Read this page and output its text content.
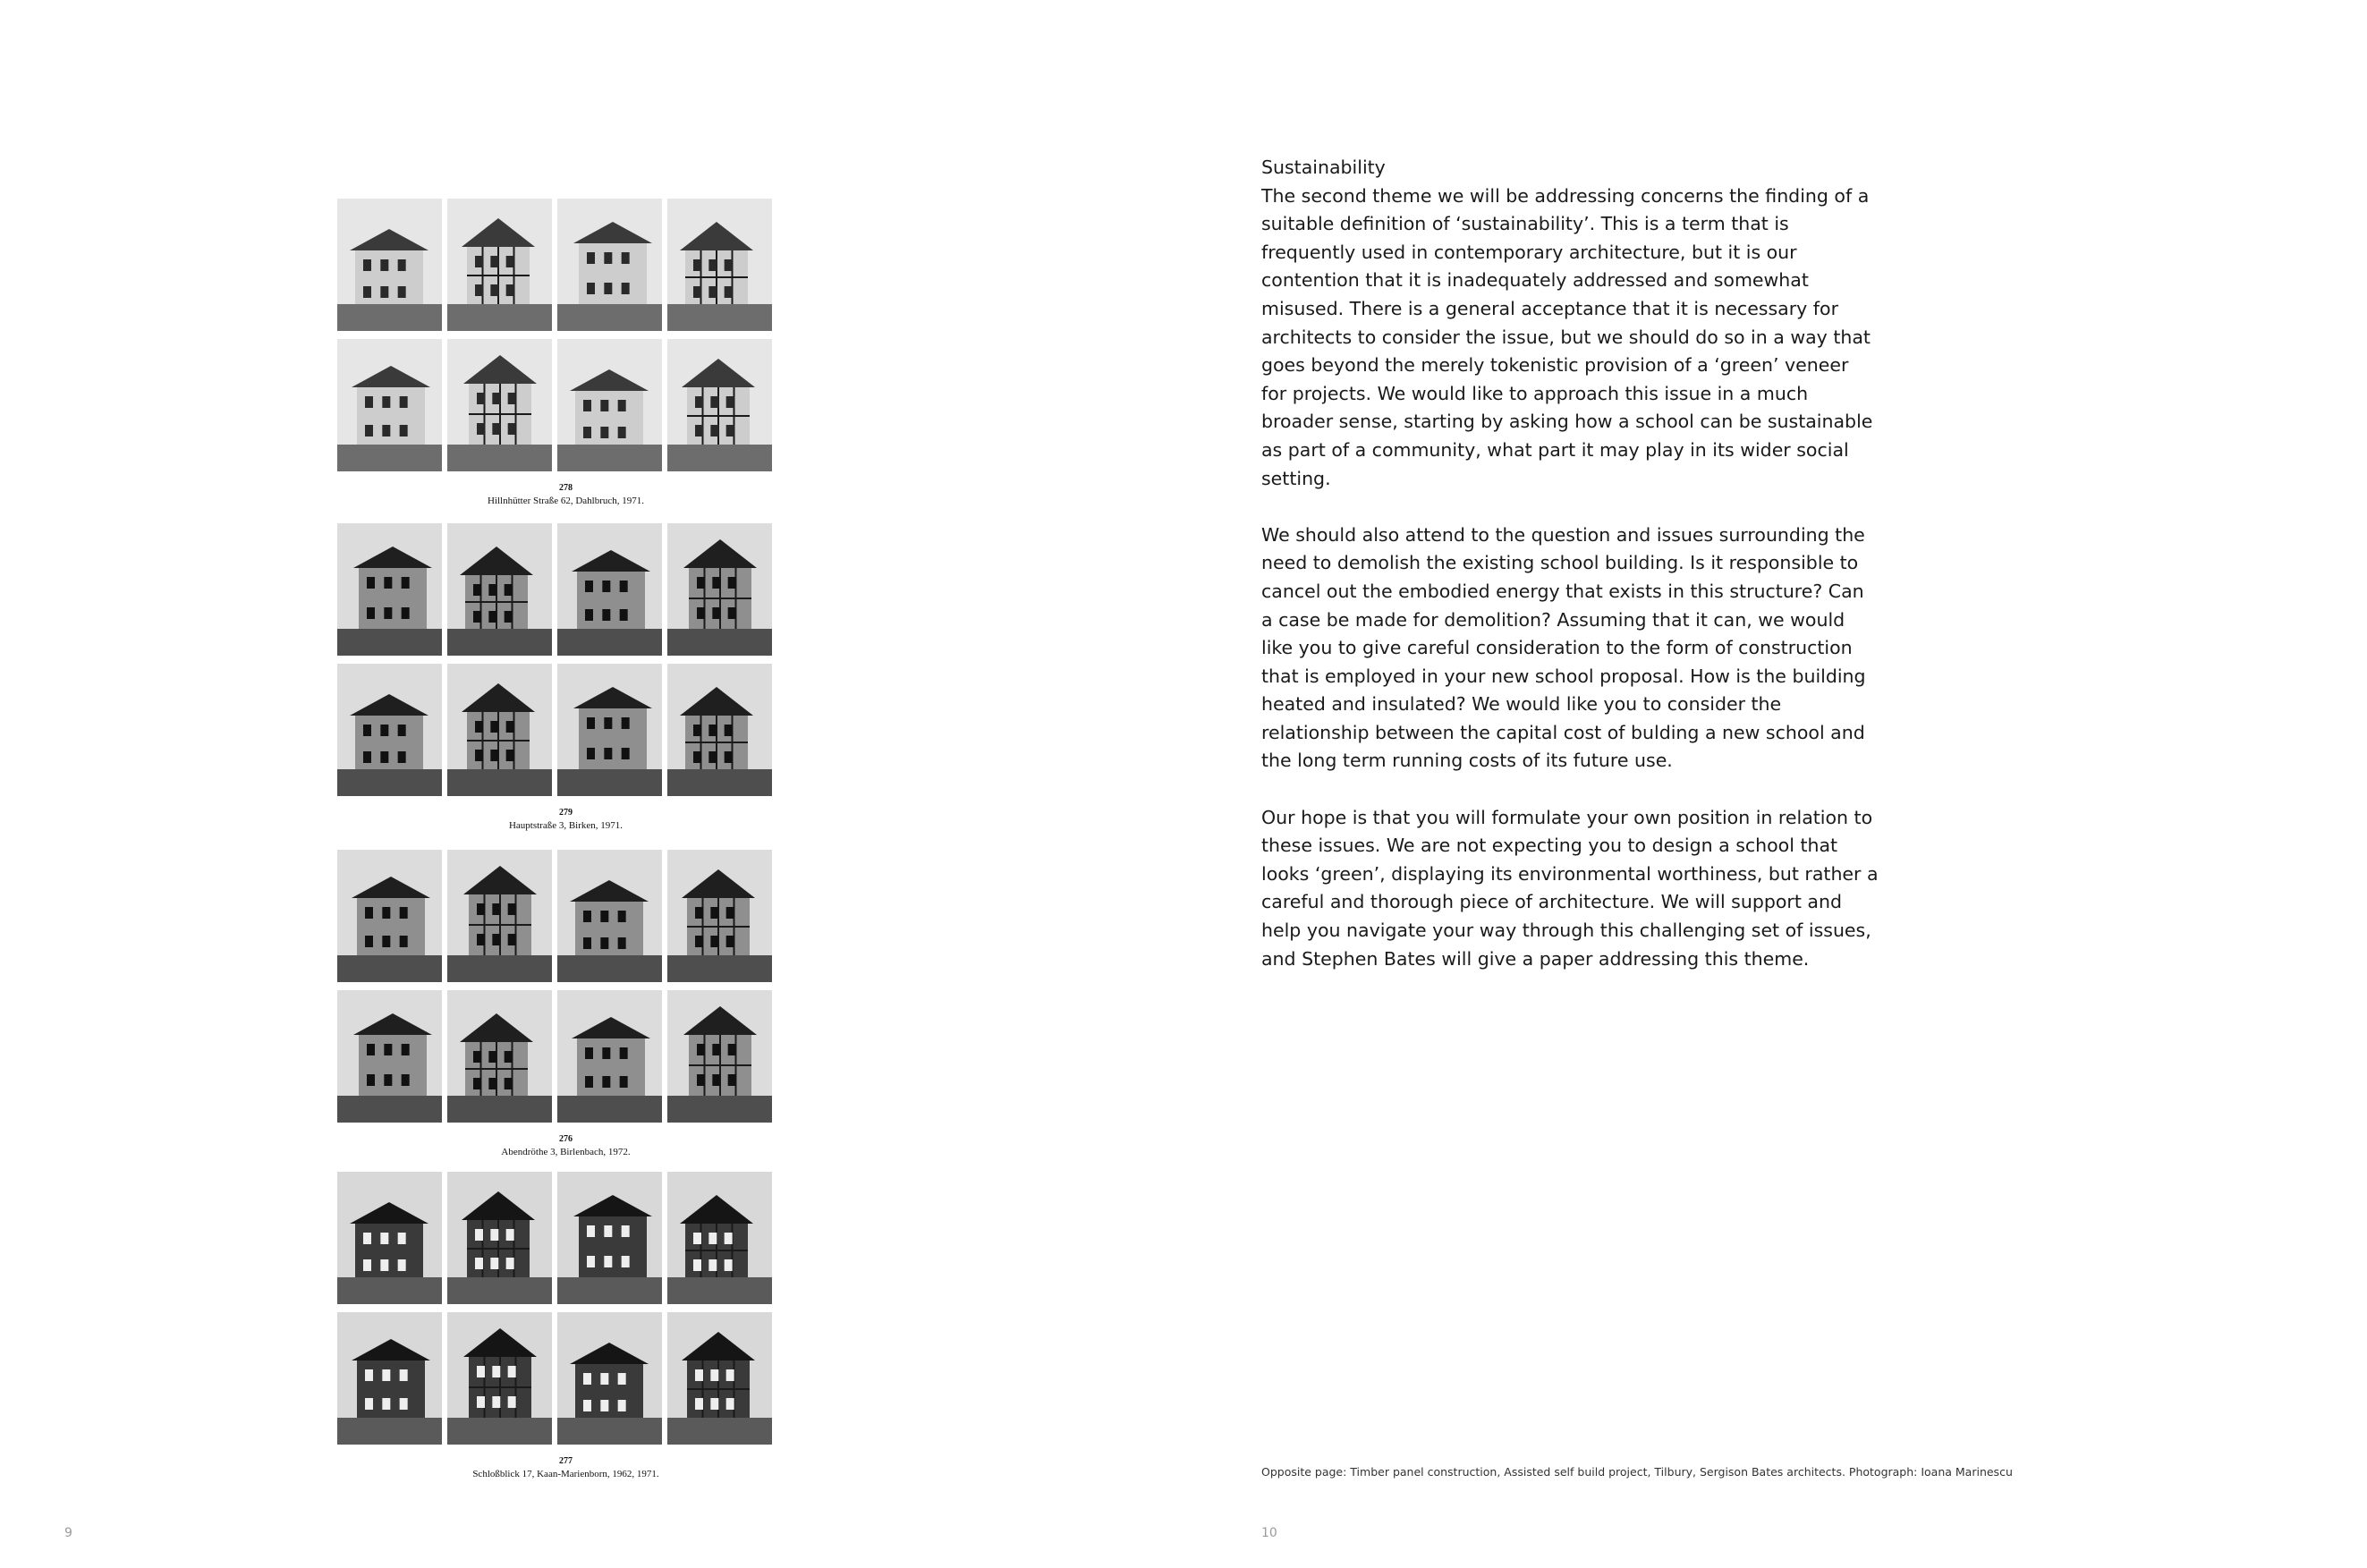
278
Hillnhütter Straße 62, Dahlbruch, 1971.
279
Hauptstraße 3, Birken, 1971.
276
Abendröthe 3, Birlenbach, 1972.
277
Schloßblick 17, Kaan-Marienborn, 1962, 1971.
9
Sustainability

The second theme we will be addressing concerns the finding of a suitable definition of ‘sustainability’. This is a term that is frequently used in contemporary architecture, but it is our contention that it is inadequately addressed and somewhat misused. There is a general acceptance that it is necessary for architects to consider the issue, but we should do so in a way that goes beyond the merely tokenistic provision of a ‘green’ veneer for projects. We would like to approach this issue in a much broader sense, starting by asking how a school can be sustainable as part of a community, what part it may play in its wider social setting.

We should also attend to the question and issues surrounding the need to demolish the existing school building. Is it responsible to cancel out the embodied energy that exists in this structure? Can a case be made for demolition? Assuming that it can, we would like you to give careful consideration to the form of construction that is employed in your new school proposal. How is the building heated and insulated? We would like you to consider the relationship between the capital cost of bulding a new school and the long term running costs of its future use.

Our hope is that you will formulate your own position in relation to these issues. We are not expecting you to design a school that looks ‘green’, displaying its environmental worthiness, but rather a careful and thorough piece of architecture. We will support and help you navigate your way through this challenging set of issues, and Stephen Bates will give a paper addressing this theme.

Opposite page: Timber panel construction, Assisted self build project, Tilbury, Sergison Bates architects. Photograph: Ioana Marinescu
10
